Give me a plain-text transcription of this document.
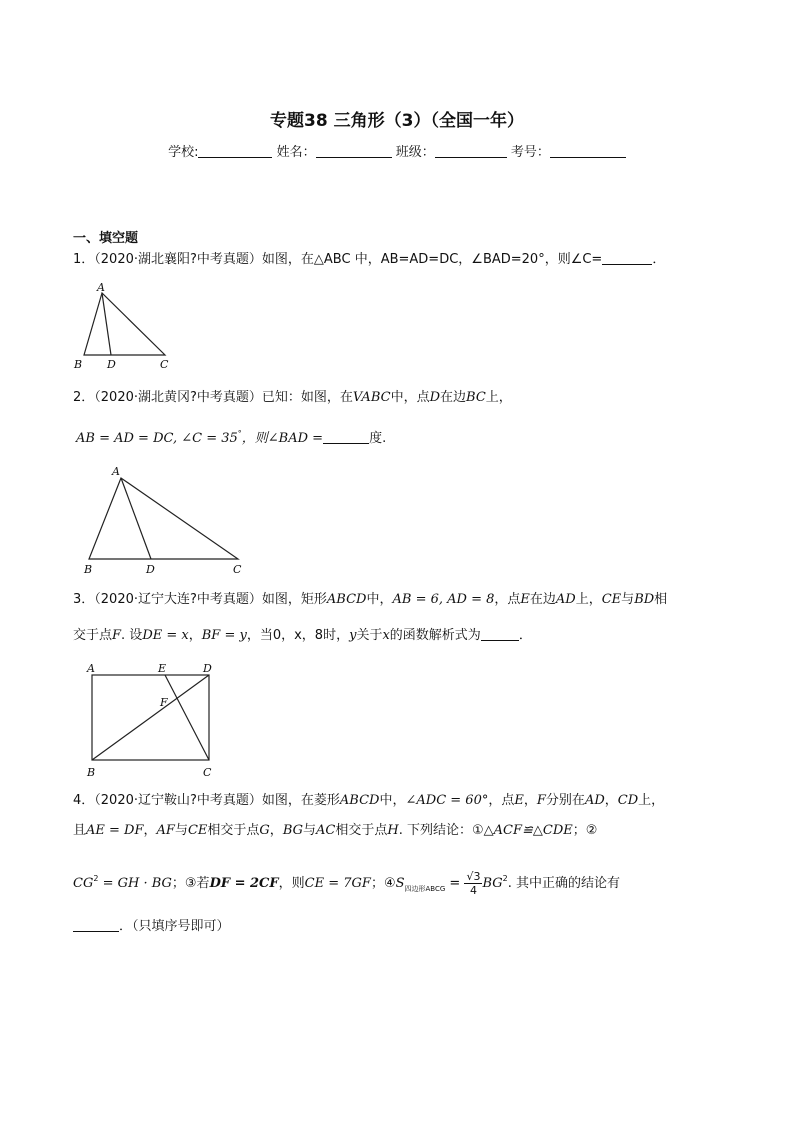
专题38 三角形（3）（全国一年）
学校:	姓名：	班级：	考号：
一、填空题
1．（2020·湖北襄阳?中考真题）如图，在△ABC 中，AB=AD=DC，∠BAD=20°，则∠C=	．
A
B D	C
2．（2020·湖北黄冈?中考真题）已知：如图，在VABC中，点D在边BC上，
AB = AD = DC, ∠C = 35°，则∠BAD =	度.
A
B	D	C
3．（2020·辽宁大连?中考真题）如图，矩形ABCD中，AB = 6, AD = 8，点E在边AD上，CE与BD相
交于点F. 设DE = x，BF = y，当0，x，8时，y关于x的函数解析式为	．
A	E	D
F
B	C
4．（2020·辽宁鞍山?中考真题）如图，在菱形ABCD中，∠ADC = 60°，点E，F分别在AD，CD上，
且AE = DF，AF与CE相交于点G，BG与AC相交于点H. 下列结论：①△ACF≌△CDE；②
$CG^2$ = GH · BG；③若DF = 2CF，则CE = 7GF；$④S_{四边形ABCG} = \frac{√3}{4} BG^2$. 其中正确的结论有
．（只填序号即可）
